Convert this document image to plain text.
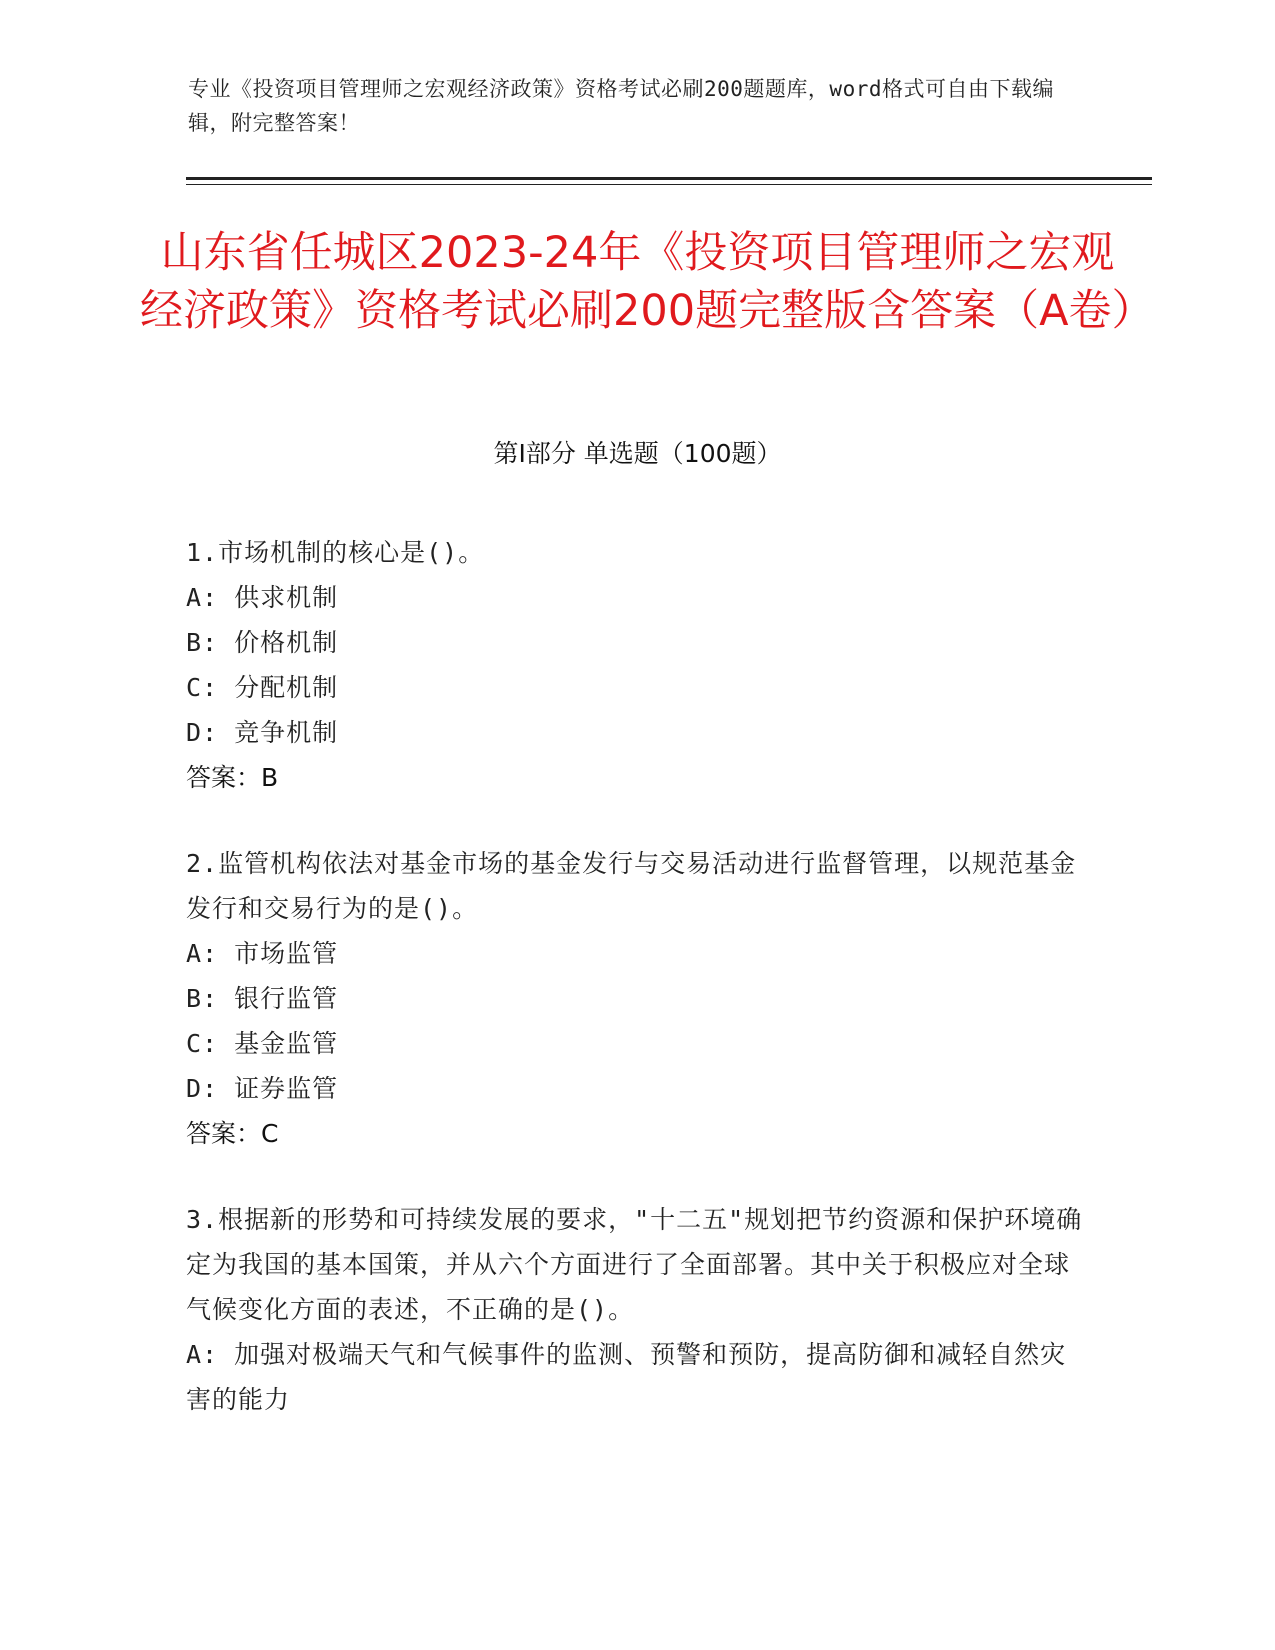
专业《投资项目管理师之宏观经济政策》资格考试必刷200题题库，word格式可自由下载编辑，附完整答案！
山东省任城区2023-24年《投资项目管理师之宏观经济政策》资格考试必刷200题完整版含答案（A卷）
第Ⅰ部分 单选题（100题）
1.市场机制的核心是()。
A: 供求机制
B: 价格机制
C: 分配机制
D: 竞争机制
答案：B
2.监管机构依法对基金市场的基金发行与交易活动进行监督管理，以规范基金发行和交易行为的是()。
A: 市场监管
B: 银行监管
C: 基金监管
D: 证券监管
答案：C
3.根据新的形势和可持续发展的要求，"十二五"规划把节约资源和保护环境确定为我国的基本国策，并从六个方面进行了全面部署。其中关于积极应对全球气候变化方面的表述，不正确的是()。
A: 加强对极端天气和气候事件的监测、预警和预防，提高防御和减轻自然灾害的能力
